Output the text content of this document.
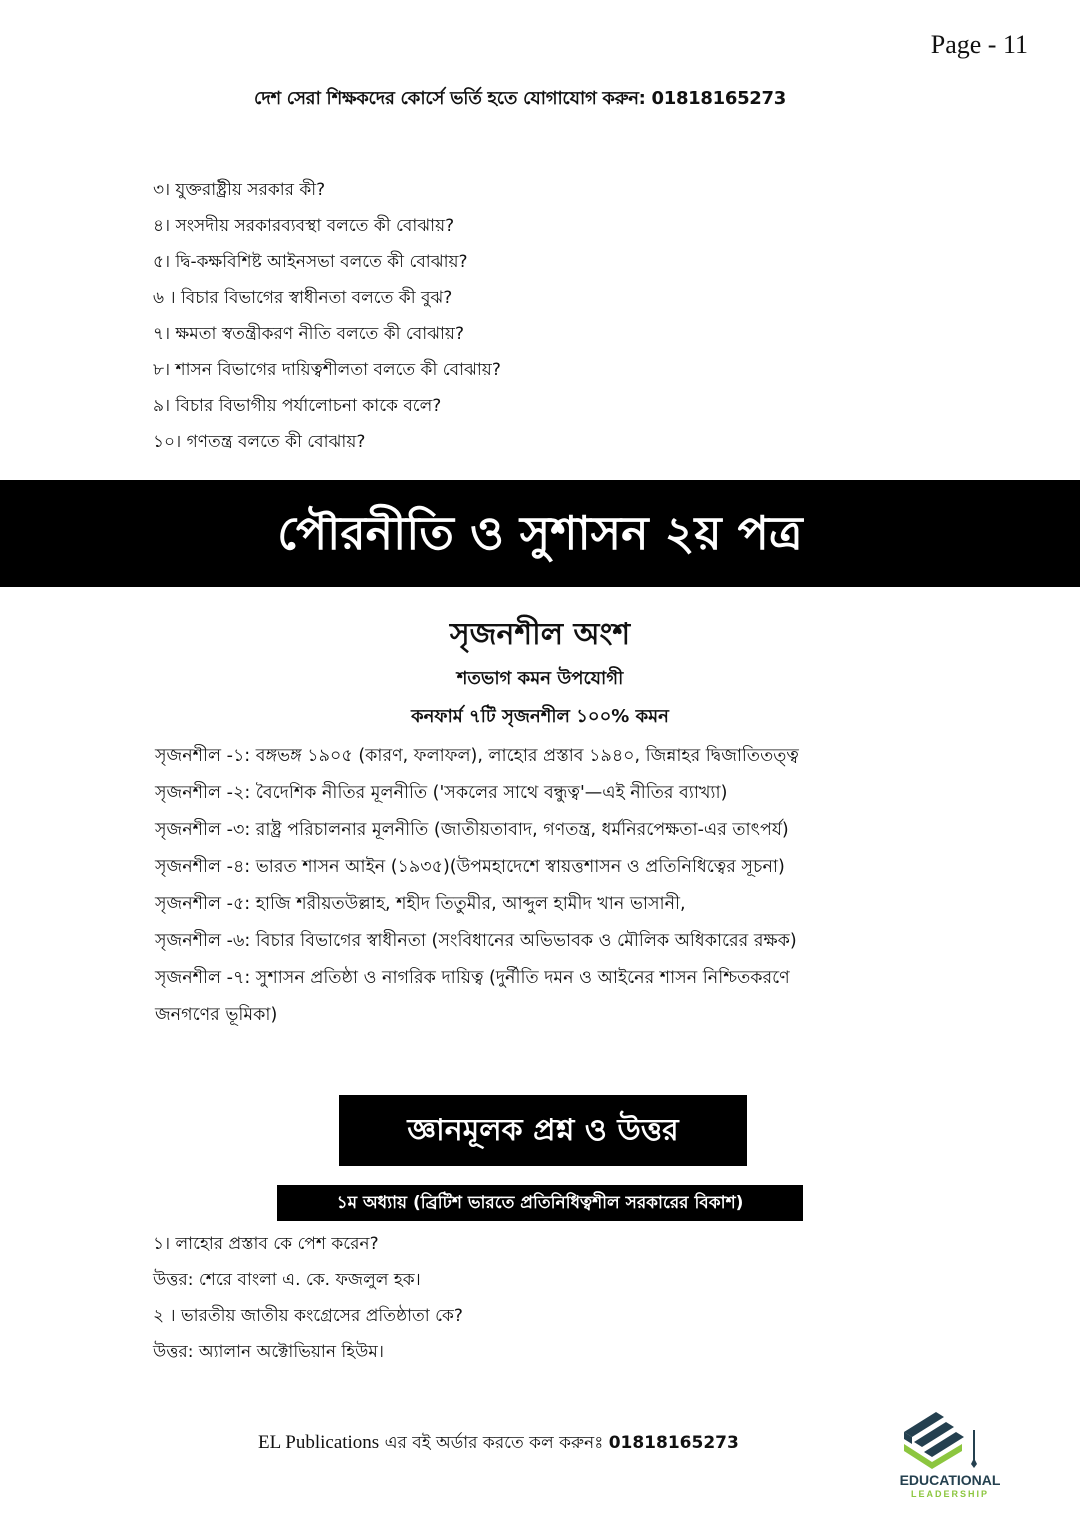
Page - 11
দেশ সেরা শিক্ষকদের কোর্সে ভর্তি হতে যোগাযোগ করুন: 01818165273
৩। যুক্তরাষ্ট্রীয় সরকার কী?
৪। সংসদীয় সরকারব্যবস্থা বলতে কী বোঝায়?
৫। দ্বি-কক্ষবিশিষ্ট আইনসভা বলতে কী বোঝায়?
৬ । বিচার বিভাগের স্বাধীনতা বলতে কী বুঝ?
৭। ক্ষমতা স্বতন্ত্রীকরণ নীতি বলতে কী বোঝায়?
৮। শাসন বিভাগের দায়িত্বশীলতা বলতে কী বোঝায়?
৯। বিচার বিভাগীয় পর্যালোচনা কাকে বলে?
১০। গণতন্ত্র বলতে কী বোঝায়?
পৌরনীতি ও সুশাসন ২য় পত্র
সৃজনশীল অংশ
শতভাগ কমন উপযোগী
কনফার্ম ৭টি সৃজনশীল ১০০% কমন
সৃজনশীল -১: বঙ্গভঙ্গ ১৯০৫ (কারণ, ফলাফল), লাহোর প্রস্তাব ১৯৪০, জিন্নাহর দ্বিজাতিতত্ত্ব
সৃজনশীল -২: বৈদেশিক নীতির মূলনীতি ('সকলের সাথে বন্ধুত্ব'—এই নীতির ব্যাখ্যা)
সৃজনশীল -৩: রাষ্ট্র পরিচালনার মূলনীতি (জাতীয়তাবাদ, গণতন্ত্র, ধর্মনিরপেক্ষতা-এর তাৎপর্য)
সৃজনশীল -৪: ভারত শাসন আইন (১৯৩৫)(উপমহাদেশে স্বায়ত্তশাসন ও প্রতিনিধিত্বের সূচনা)
সৃজনশীল -৫: হাজি শরীয়তউল্লাহ, শহীদ তিতুমীর, আব্দুল হামীদ খান ভাসানী,
সৃজনশীল -৬: বিচার বিভাগের স্বাধীনতা (সংবিধানের অভিভাবক ও মৌলিক অধিকারের রক্ষক)
সৃজনশীল -৭: সুশাসন প্রতিষ্ঠা ও নাগরিক দায়িত্ব (দুর্নীতি দমন ও আইনের শাসন নিশ্চিতকরণে জনগণের ভূমিকা)
জ্ঞানমূলক প্রশ্ন ও উত্তর
১ম অধ্যায় (ব্রিটিশ ভারতে প্রতিনিধিত্বশীল সরকারের বিকাশ)
১। লাহোর প্রস্তাব কে পেশ করেন?
উত্তর: শেরে বাংলা এ. কে. ফজলুল হক।
২ । ভারতীয় জাতীয় কংগ্রেসের প্রতিষ্ঠাতা কে?
উত্তর: অ্যালান অক্টোভিয়ান হিউম।
EL Publications এর বই অর্ডার করতে কল করুনঃ 01818165273
EDUCATIONAL
LEADERSHIP
